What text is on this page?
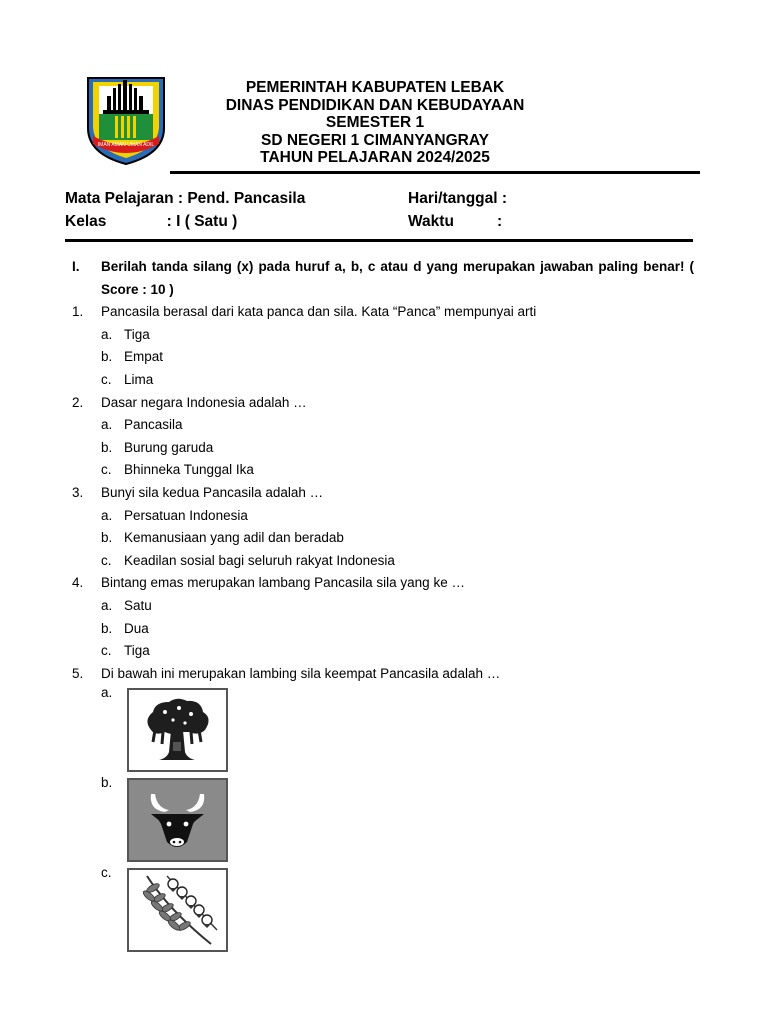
IMAN AMAN UMAN ADIL
PEMERINTAH KABUPATEN LEBAK
DINAS PENDIDIKAN DAN KEBUDAYAAN
SEMESTER 1
SD NEGERI 1 CIMANYANGRAY
TAHUN PELAJARAN 2024/2025
Mata Pelajaran : Pend. Pancasila	Hari/tanggal :
Kelas              : I ( Satu )	Waktu          :
I. Berilah tanda silang (x) pada huruf a, b, c atau d yang merupakan jawaban paling benar! ( Score : 10 )
1. Pancasila berasal dari kata panca dan sila. Kata “Panca” mempunyai arti
a. Tiga
b. Empat
c. Lima
2. Dasar negara Indonesia adalah …
a. Pancasila
b. Burung garuda
c. Bhinneka Tunggal Ika
3. Bunyi sila kedua Pancasila adalah …
a. Persatuan Indonesia
b. Kemanusiaan yang adil dan beradab
c. Keadilan sosial bagi seluruh rakyat Indonesia
4. Bintang emas merupakan lambang Pancasila sila yang ke …
a. Satu
b. Dua
c. Tiga
5. Di bawah ini merupakan lambing sila keempat Pancasila adalah …
a.
b.
c.
